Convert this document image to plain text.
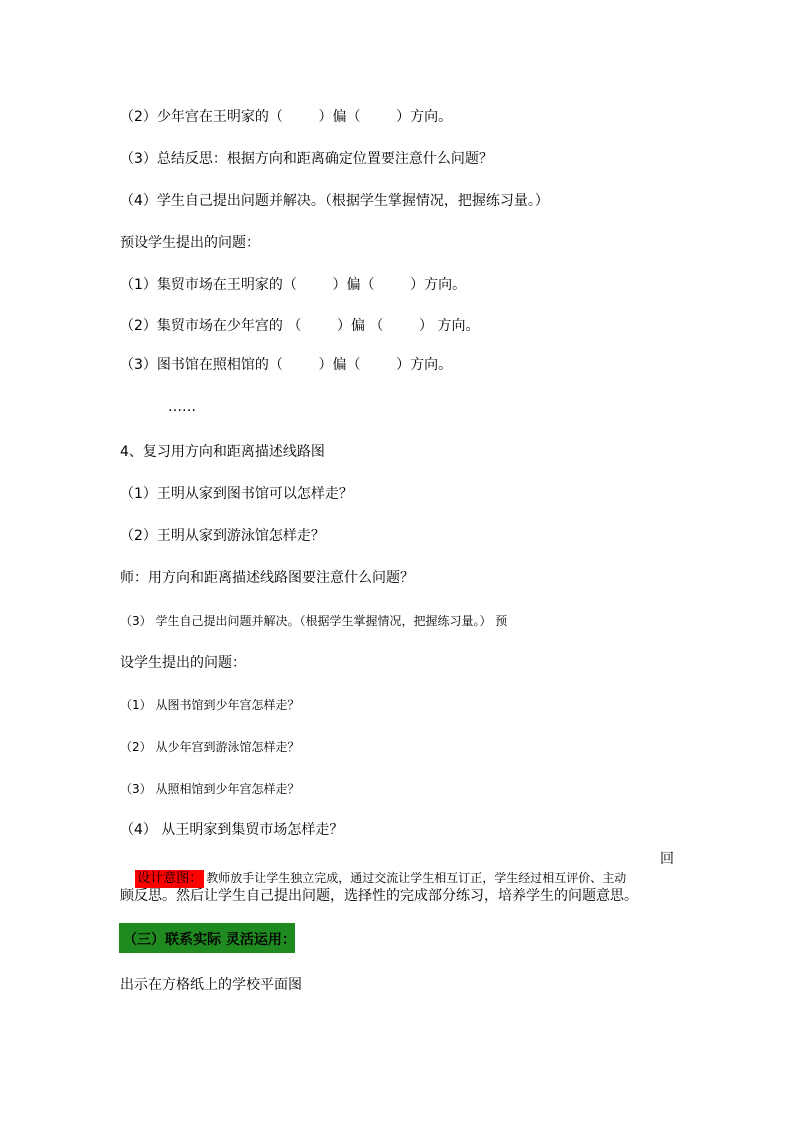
（2）少年宫在王明家的（        ）偏（        ）方向。
（3）总结反思：根据方向和距离确定位置要注意什么问题？
（4）学生自己提出问题并解决。（根据学生掌握情况，把握练习量。）
预设学生提出的问题：
（1）集贸市场在王明家的（        ）偏（        ）方向。
（2）集贸市场在少年宫的 （        ）偏 （        ） 方向。
（3）图书馆在照相馆的（        ）偏（        ）方向。
……
4、复习用方向和距离描述线路图
（1）王明从家到图书馆可以怎样走？
（2）王明从家到游泳馆怎样走？
师：用方向和距离描述线路图要注意什么问题？
（3） 学生自己提出问题并解决。（根据学生掌握情况，把握练习量。） 预
设学生提出的问题：
（1） 从图书馆到少年宫怎样走？
（2） 从少年宫到游泳馆怎样走？
（3） 从照相馆到少年宫怎样走？
（4） 从王明家到集贸市场怎样走？

设计意图： 教师放手让学生独立完成，通过交流让学生相互订正，学生经过相互评价、主动

回
顾反思。然后让学生自己提出问题，选择性的完成部分练习，培养学生的问题意思。
（三）联系实际 灵活运用：
出示在方格纸上的学校平面图
